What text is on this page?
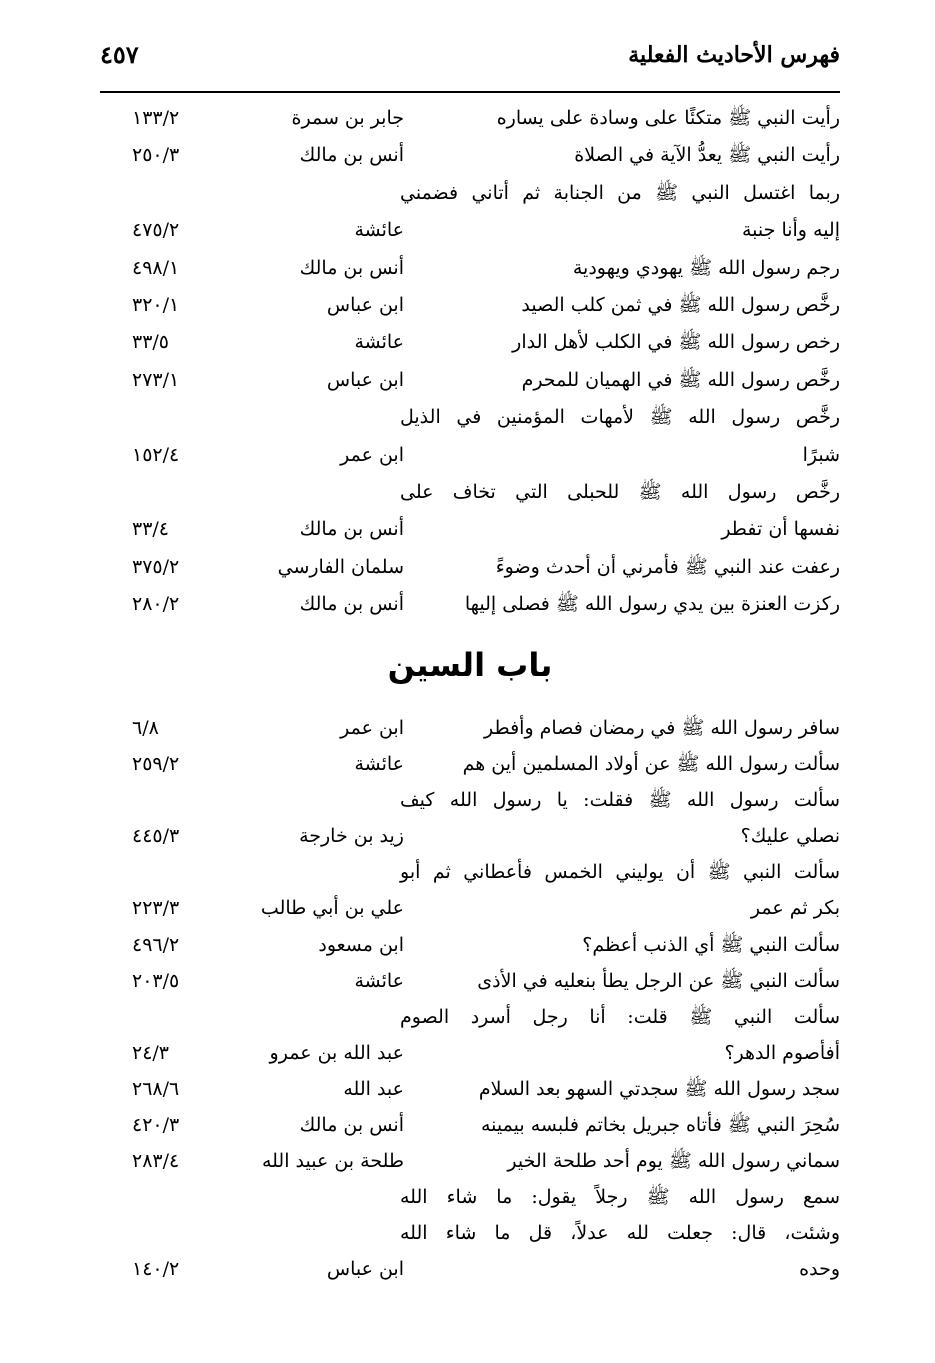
فهرس الأحاديث الفعلية
٤٥٧
رأيت النبي ﷺ متكئًا على وسادة على يساره
جابر بن سمرة
١٣٣/٢
رأيت النبي ﷺ يعدُّ الآية في الصلاة
أنس بن مالك
٢٥٠/٣
ربما اغتسل النبي ﷺ من الجنابة ثم أتاني فضمني
إليه وأنا جنبة
عائشة
٤٧٥/٢
رجم رسول الله ﷺ يهودي ويهودية
أنس بن مالك
٤٩٨/١
رخَّص رسول الله ﷺ في ثمن كلب الصيد
ابن عباس
٣٢٠/١
رخص رسول الله ﷺ في الكلب لأهل الدار
عائشة
٣٣/٥
رخَّص رسول الله ﷺ في الهميان للمحرم
ابن عباس
٢٧٣/١
رخَّص رسول الله ﷺ لأمهات المؤمنين في الذيل
شبرًا
ابن عمر
١٥٢/٤
رخَّص رسول الله ﷺ للحبلى التي تخاف على
نفسها أن تفطر
أنس بن مالك
٣٣/٤
رعفت عند النبي ﷺ فأمرني أن أحدث وضوءً
سلمان الفارسي
٣٧٥/٢
ركزت العنزة بين يدي رسول الله ﷺ فصلى إليها
أنس بن مالك
٢٨٠/٢
باب السين
سافر رسول الله ﷺ في رمضان فصام وأفطر
ابن عمر
٦/٨
سألت رسول الله ﷺ عن أولاد المسلمين أين هم
عائشة
٢٥٩/٢
سألت رسول الله ﷺ فقلت: يا رسول الله كيف
نصلي عليك؟
زيد بن خارجة
٤٤٥/٣
سألت النبي ﷺ أن يوليني الخمس فأعطاني ثم أبو
بكر ثم عمر
علي بن أبي طالب
٢٢٣/٣
سألت النبي ﷺ أي الذنب أعظم؟
ابن مسعود
٤٩٦/٢
سألت النبي ﷺ عن الرجل يطأ بنعليه في الأذى
عائشة
٢٠٣/٥
سألت النبي ﷺ قلت: أنا رجل أسرد الصوم
أفأصوم الدهر؟
عبد الله بن عمرو
٢٤/٣
سجد رسول الله ﷺ سجدتي السهو بعد السلام
عبد الله
٢٦٨/٦
سُحِرَ النبي ﷺ فأتاه جبريل بخاتم فلبسه بيمينه
أنس بن مالك
٤٢٠/٣
سماني رسول الله ﷺ يوم أحد طلحة الخير
طلحة بن عبيد الله
٢٨٣/٤
سمع رسول الله ﷺ رجلاً يقول: ما شاء الله
وشئت، قال: جعلت لله عدلاً، قل ما شاء الله
وحده
ابن عباس
١٤٠/٢
